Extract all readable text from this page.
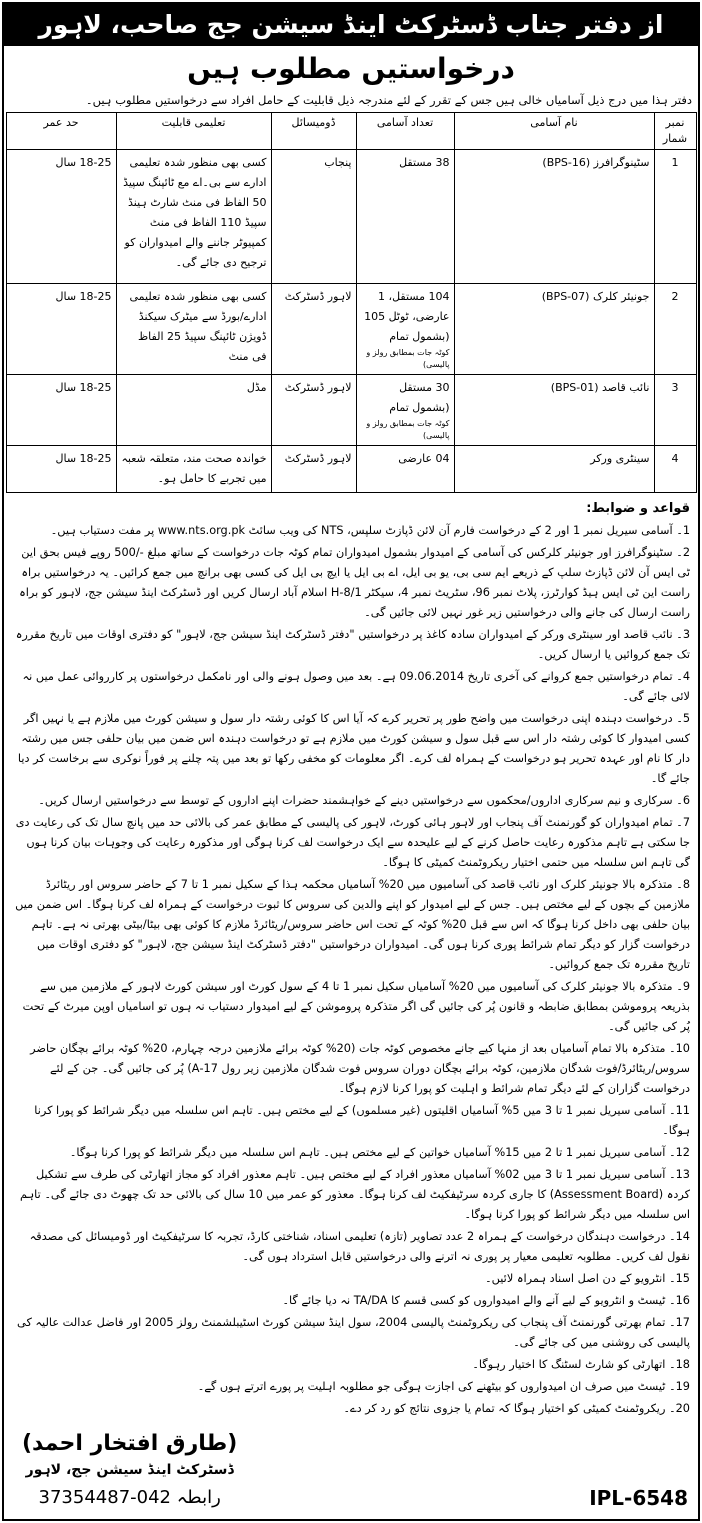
از دفتر جناب ڈسٹرکٹ اینڈ سیشن جج صاحب، لاہور
درخواستیں مطلوب ہیں
دفتر ہذا میں درج ذیل آسامیاں خالی ہیں جس کے تقرر کے لئے مندرجہ ذیل قابلیت کے حامل افراد سے درخواستیں مطلوب ہیں۔
نمبر شمار	نام آسامی	تعداد آسامی	ڈومیسائل	تعلیمی قابلیت	حد عمر
1	سٹینوگرافرز (BPS-16)	38 مستقل	پنجاب	کسی بھی منظور شدہ تعلیمی ادارے سے بی۔اے مع ٹائپنگ سپیڈ 50 الفاظ فی منٹ شارٹ ہینڈ سپیڈ 110 الفاظ فی منٹ کمپیوٹر جاننے والے امیدواران کو ترجیح دی جائے گی۔	18-25 سال
2	جونیئر کلرک (BPS-07)	104 مستقل، 1 عارضی، ٹوٹل 105 (بشمول تمام
کوٹہ جات بمطابق رولز و پالیسی)	لاہور ڈسٹرکٹ	کسی بھی منظور شدہ تعلیمی ادارے/بورڈ سے میٹرک سیکنڈ ڈویژن ٹائپنگ سپیڈ 25 الفاظ فی منٹ	18-25 سال
3	نائب قاصد (BPS-01)	30 مستقل (بشمول تمام
کوٹہ جات بمطابق رولز و پالیسی)	لاہور ڈسٹرکٹ	مڈل	18-25 سال
4	سینٹری ورکر	04 عارضی	لاہور ڈسٹرکٹ	خواندہ صحت مند، متعلقہ شعبہ میں تجربے کا حامل ہو۔	18-25 سال
قواعد و ضوابط:

1۔ آسامی سیریل نمبر 1 اور 2 کے درخواست فارم آن لائن ڈپازٹ سلپس، NTS کی ویب سائٹ www.nts.org.pk پر مفت دستیاب ہیں۔

2۔ سٹینوگرافرز اور جونیئر کلرکس کی آسامی کے امیدوار بشمول امیدواران تمام کوٹہ جات درخواست کے ساتھ مبلغ -/500 روپے فیس بحق این ٹی ایس آن لائن ڈپازٹ سلپ کے ذریعے ایم سی بی، یو بی ایل، اے بی ایل یا ایچ بی ایل کی کسی بھی برانچ میں جمع کرائیں۔ یہ درخواستیں براہ راست این ٹی ایس ہیڈ کوارٹرز، پلاٹ نمبر 96، سٹریٹ نمبر 4، سیکٹر H-8/1 اسلام آباد ارسال کریں اور ڈسٹرکٹ اینڈ سیشن جج، لاہور کو براہ راست ارسال کی جانے والی درخواستیں زیر غور نہیں لائی جائیں گی۔

3۔ نائب قاصد اور سینٹری ورکر کے امیدواران سادہ کاغذ پر درخواستیں "دفتر ڈسٹرکٹ اینڈ سیشن جج، لاہور" کو دفتری اوقات میں تاریخ مقررہ تک جمع کروائیں یا ارسال کریں۔

4۔ تمام درخواستیں جمع کروانے کی آخری تاریخ 09.06.2014 ہے۔ بعد میں وصول ہونے والی اور نامکمل درخواستوں پر کارروائی عمل میں نہ لائی جائے گی۔

5۔ درخواست دہندہ اپنی درخواست میں واضح طور پر تحریر کرے کہ آیا اس کا کوئی رشتہ دار سول و سیشن کورٹ میں ملازم ہے یا نہیں اگر کسی امیدوار کا کوئی رشتہ دار اس سے قبل سول و سیشن کورٹ میں ملازم ہے تو درخواست دہندہ اس ضمن میں بیان حلفی جس میں رشتہ دار کا نام اور عہدہ تحریر ہو درخواست کے ہمراہ لف کرے۔ اگر معلومات کو مخفی رکھا تو بعد میں پتہ چلنے پر فوراً نوکری سے برخاست کر دیا جائے گا۔

6۔ سرکاری و نیم سرکاری اداروں/محکموں سے درخواستیں دینے کے خواہشمند حضرات اپنے اداروں کے توسط سے درخواستیں ارسال کریں۔

7۔ تمام امیدواران کو گورنمنٹ آف پنجاب اور لاہور ہائی کورٹ، لاہور کی پالیسی کے مطابق عمر کی بالائی حد میں پانچ سال تک کی رعایت دی جا سکتی ہے تاہم مذکورہ رعایت حاصل کرنے کے لیے علیحدہ سے ایک درخواست لف کرنا ہوگی اور مذکورہ رعایت کی وجوہات بیان کرنا ہوں گی تاہم اس سلسلہ میں حتمی اختیار ریکروٹمنٹ کمیٹی کا ہوگا۔

8۔ متذکرہ بالا جونیئر کلرک اور نائب قاصد کی آسامیوں میں 20% آسامیاں محکمہ ہذا کے سکیل نمبر 1 تا 7 کے حاضر سروس اور ریٹائرڈ ملازمین کے بچوں کے لیے مختص ہیں۔ جس کے لیے امیدوار کو اپنے والدین کی سروس کا ثبوت درخواست کے ہمراہ لف کرنا ہوگا۔ اس ضمن میں بیان حلفی بھی داخل کرنا ہوگا کہ اس سے قبل 20% کوٹہ کے تحت اس حاضر سروس/ریٹائرڈ ملازم کا کوئی بھی بیٹا/بیٹی بھرتی نہ ہے۔ تاہم درخواست گزار کو دیگر تمام شرائط پوری کرنا ہوں گی۔ امیدواران درخواستیں "دفتر ڈسٹرکٹ اینڈ سیشن جج، لاہور" کو دفتری اوقات میں تاریخ مقررہ تک جمع کروائیں۔

9۔ متذکرہ بالا جونیئر کلرک کی آسامیوں میں 20% آسامیاں سکیل نمبر 1 تا 4 کے سول کورٹ اور سیشن کورٹ لاہور کے ملازمین میں سے بذریعہ پروموشن بمطابق ضابطہ و قانون پُر کی جائیں گی اگر متذکرہ پروموشن کے لیے امیدوار دستیاب نہ ہوں تو اسامیاں اوپن میرٹ کے تحت پُر کی جائیں گی۔

10۔ متذکرہ بالا تمام آسامیاں بعد از منہا کیے جانے مخصوص کوٹہ جات (20% کوٹہ برائے ملازمین درجہ چہارم، 20% کوٹہ برائے بچگان حاضر سروس/ریٹائرڈ/فوت شدگان ملازمین، کوٹہ برائے بچگان دوران سروس فوت شدگان ملازمین زیر رول 17-A) پُر کی جائیں گی۔ جن کے لئے درخواست گزاران کے لئے دیگر تمام شرائط و اہلیت کو پورا کرنا لازم ہوگا۔

11۔ آسامی سیریل نمبر 1 تا 3 میں 5% آسامیاں اقلیتوں (غیر مسلموں) کے لیے مختص ہیں۔ تاہم اس سلسلہ میں دیگر شرائط کو پورا کرنا ہوگا۔

12۔ آسامی سیریل نمبر 1 تا 2 میں 15% آسامیاں خواتین کے لیے مختص ہیں۔ تاہم اس سلسلہ میں دیگر شرائط کو پورا کرنا ہوگا۔

13۔ آسامی سیریل نمبر 1 تا 3 میں 02% آسامیاں معذور افراد کے لیے مختص ہیں۔ تاہم معذور افراد کو مجاز اتھارٹی کی طرف سے تشکیل کردہ (Assessment Board) کا جاری کردہ سرٹیفکیٹ لف کرنا ہوگا۔ معذور کو عمر میں 10 سال کی بالائی حد تک چھوٹ دی جائے گی۔ تاہم اس سلسلہ میں دیگر شرائط کو پورا کرنا ہوگا۔

14۔ درخواست دہندگان درخواست کے ہمراہ 2 عدد تصاویر (تازہ) تعلیمی اسناد، شناختی کارڈ، تجربہ کا سرٹیفکیٹ اور ڈومیسائل کی مصدقہ نقول لف کریں۔ مطلوبہ تعلیمی معیار پر پوری نہ اترنے والی درخواستیں قابل استرداد ہوں گی۔

15۔ انٹرویو کے دن اصل اسناد ہمراہ لائیں۔

16۔ ٹیسٹ و انٹرویو کے لیے آنے والے امیدواروں کو کسی قسم کا TA/DA نہ دیا جائے گا۔

17۔ تمام بھرتی گورنمنٹ آف پنجاب کی ریکروٹمنٹ پالیسی 2004، سول اینڈ سیشن کورٹ اسٹیبلشمنٹ رولز 2005 اور فاضل عدالت عالیہ کی پالیسی کی روشنی میں کی جائے گی۔

18۔ اتھارٹی کو شارٹ لسٹنگ کا اختیار رہوگا۔

19۔ ٹیسٹ میں صرف ان امیدواروں کو بیٹھنے کی اجازت ہوگی جو مطلوبہ اہلیت پر پورے اترتے ہوں گے۔

20۔ ریکروٹمنٹ کمیٹی کو اختیار ہوگا کہ تمام یا جزوی نتائج کو رد کر دے۔

(طارق افتخار احمد)
ڈسٹرکٹ اینڈ سیشن جج، لاہور
رابطہ 042-37354487	IPL-6548
